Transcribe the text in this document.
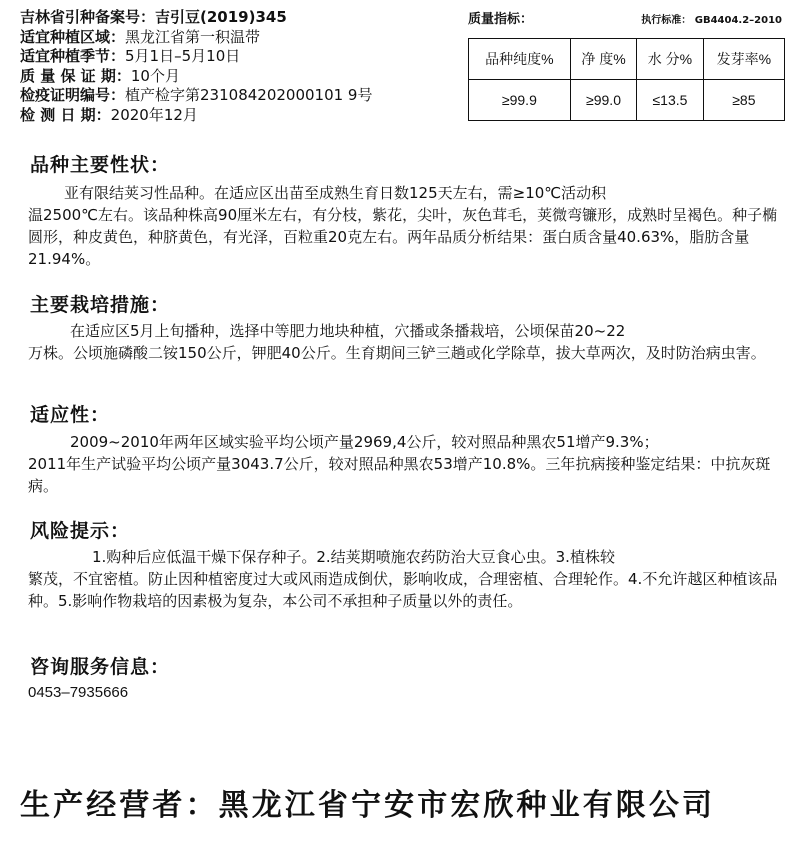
吉林省引种备案号：吉引豆(2019)345
适宜种植区域：黑龙江省第一积温带
适宜种植季节：5月1日–5月10日
质 量 保 证 期：10个月
检疫证明编号：植产检字第231084202000101 9号
检 测 日 期：2020年12月
质量指标：	执行标准： GB4404.2–2010
品种纯度%	净 度%	水 分%	发芽率%
≥99.9	≥99.0	≤13.5	≥85
品种主要性状：
亚有限结荚习性品种。在适应区出苗至成熟生育日数125天左右，需≥10℃活动积
温2500℃左右。该品种株高90厘米左右，有分枝，紫花，尖叶，灰色茸毛，荚微弯镰形，成熟时呈褐色。种子椭圆形，种皮黄色，种脐黄色，有光泽，百粒重20克左右。两年品质分析结果：蛋白质含量40.63%，脂肪含量21.94%。
主要栽培措施：
在适应区5月上旬播种，选择中等肥力地块种植，穴播或条播栽培，公顷保苗20~22
万株。公顷施磷酸二铵150公斤，钾肥40公斤。生育期间三铲三趟或化学除草，拔大草两次，及时防治病虫害。
适应性：
2009~2010年两年区域实验平均公顷产量2969,4公斤，较对照品种黑农51增产9.3%；
2011年生产试验平均公顷产量3043.7公斤，较对照品种黑农53增产10.8%。三年抗病接种鉴定结果：中抗灰斑病。
风险提示：
1.购种后应低温干燥下保存种子。2.结荚期喷施农药防治大豆食心虫。3.植株较
繁茂，不宜密植。防止因种植密度过大或风雨造成倒伏，影响收成，合理密植、合理轮作。4.不允许越区种植该品种。5.影响作物栽培的因素极为复杂，本公司不承担种子质量以外的责任。
咨询服务信息：
0453–7935666
生产经营者：黑龙江省宁安市宏欣种业有限公司
